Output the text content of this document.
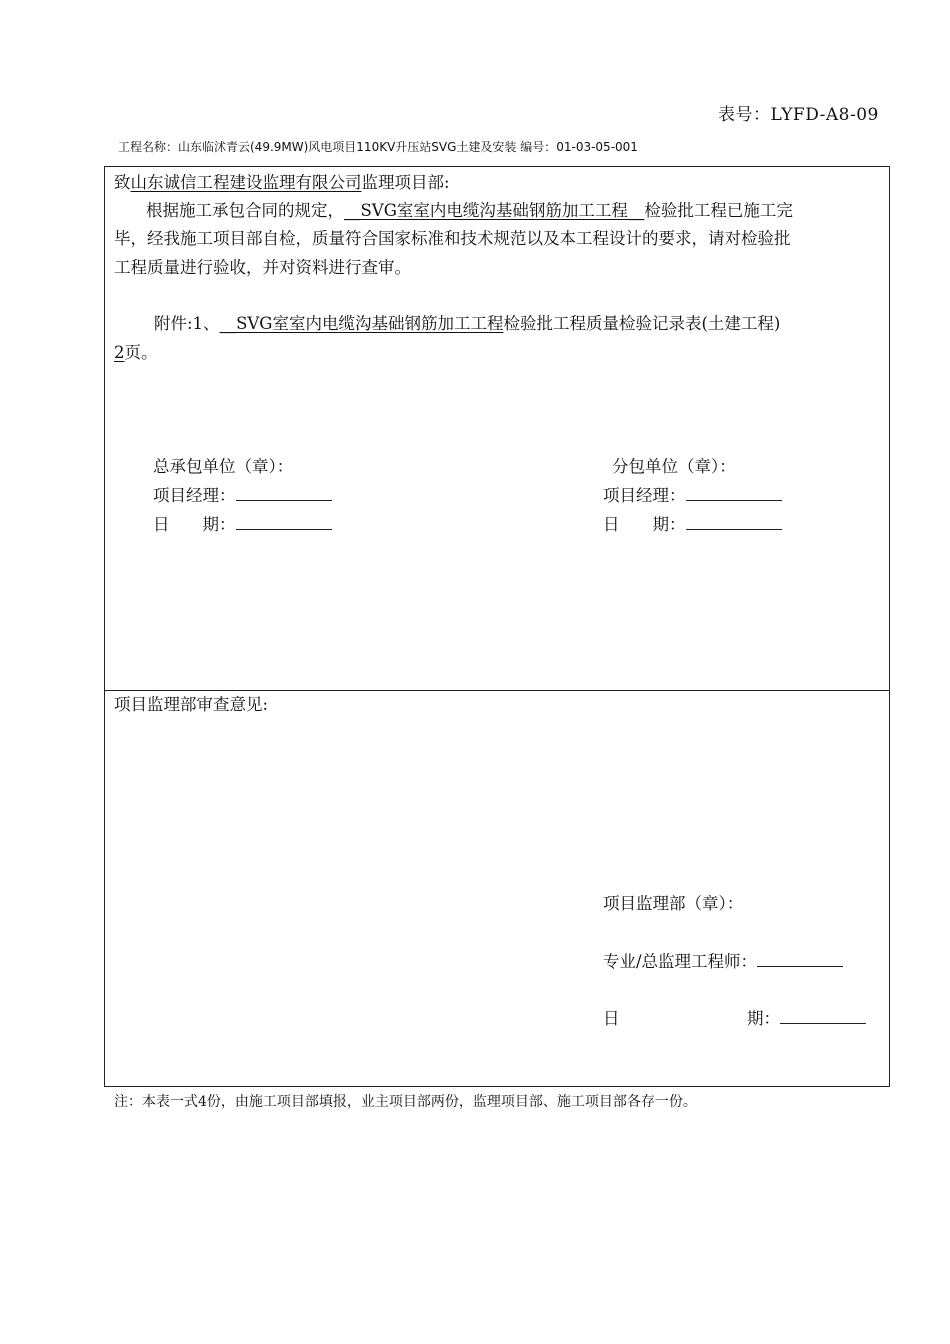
表号：LYFD-A8-09
工程名称：山东临沭青云(49.9MW)风电项目110KV升压站SVG土建及安装 编号：01-03-05-001
致山东诚信工程建设监理有限公司监理项目部:
根据施工承包合同的规定，__SVG室室内电缆沟基础钢筋加工工程__检验批工程已施工完
毕，经我施工项目部自检，质量符合国家标准和技术规范以及本工程设计的要求，请对检验批
工程质量进行验收，并对资料进行查审。
附件:1、__SVG室室内电缆沟基础钢筋加工工程检验批工程质量检验记录表(土建工程)
2页。
总承包单位（章）：
项目经理：
日　　期：
分包单位（章）：
项目经理：
日　　期：
项目监理部审查意见:
项目监理部（章）：
专业/总监理工程师：
日	期：
注：本表一式4份，由施工项目部填报，业主项目部两份，监理项目部、施工项目部各存一份。
